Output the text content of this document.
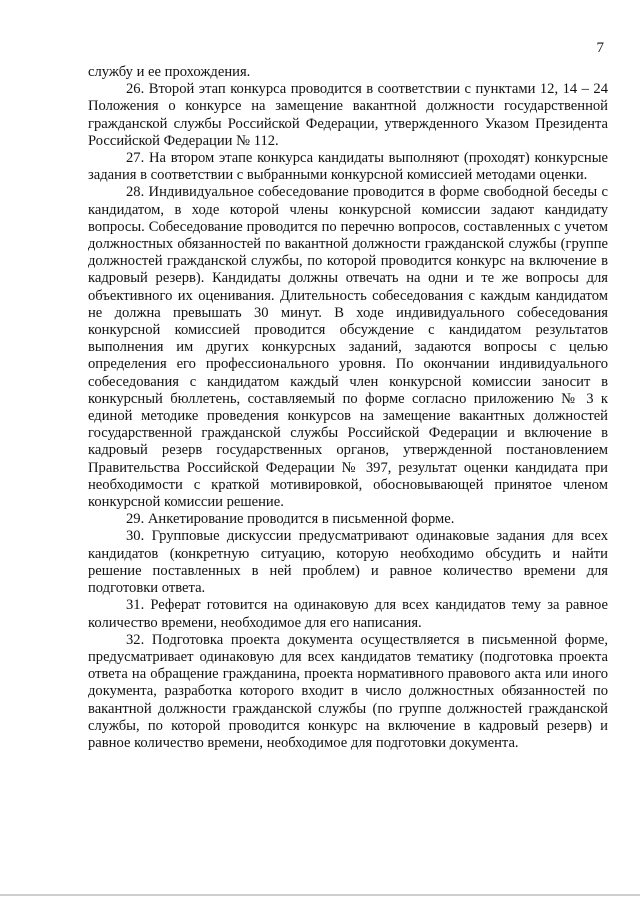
7

службу и ее прохождения.

26. Второй этап конкурса проводится в соответствии с пунктами 12, 14 – 24 Положения о конкурсе на замещение вакантной должности государственной гражданской службы Российской Федерации, утвержденного Указом Президента Российской Федерации № 112.

27. На втором этапе конкурса кандидаты выполняют (проходят) конкурсные задания в соответствии с выбранными конкурсной комиссией методами оценки.

28. Индивидуальное собеседование проводится в форме свободной беседы с кандидатом, в ходе которой члены конкурсной комиссии задают кандидату вопросы. Собеседование проводится по перечню вопросов, составленных с учетом должностных обязанностей по вакантной должности гражданской службы (группе должностей гражданской службы, по которой проводится конкурс на включение в кадровый резерв). Кандидаты должны отвечать на одни и те же вопросы для объективного их оценивания. Длительность собеседования с каждым кандидатом не должна превышать 30 минут. В ходе индивидуального собеседования конкурсной комиссией проводится обсуждение с кандидатом результатов выполнения им других конкурсных заданий, задаются вопросы с целью определения его профессионального уровня. По окончании индивидуального собеседования с кандидатом каждый член конкурсной комиссии заносит в конкурсный бюллетень, составляемый по форме согласно приложению № 3 к единой методике проведения конкурсов на замещение вакантных должностей государственной гражданской службы Российской Федерации и включение в кадровый резерв государственных органов, утвержденной постановлением Правительства Российской Федерации № 397, результат оценки кандидата при необходимости с краткой мотивировкой, обосновывающей принятое членом конкурсной комиссии решение.

29. Анкетирование проводится в письменной форме.

30. Групповые дискуссии предусматривают одинаковые задания для всех кандидатов (конкретную ситуацию, которую необходимо обсудить и найти решение поставленных в ней проблем) и равное количество времени для подготовки ответа.

31. Реферат готовится на одинаковую для всех кандидатов тему за равное количество времени, необходимое для его написания.

32. Подготовка проекта документа осуществляется в письменной форме, предусматривает одинаковую для всех кандидатов тематику (подготовка проекта ответа на обращение гражданина, проекта нормативного правового акта или иного документа, разработка которого входит в число должностных обязанностей по вакантной должности гражданской службы (по группе должностей гражданской службы, по которой проводится конкурс на включение в кадровый резерв) и равное количество времени, необходимое для подготовки документа.
